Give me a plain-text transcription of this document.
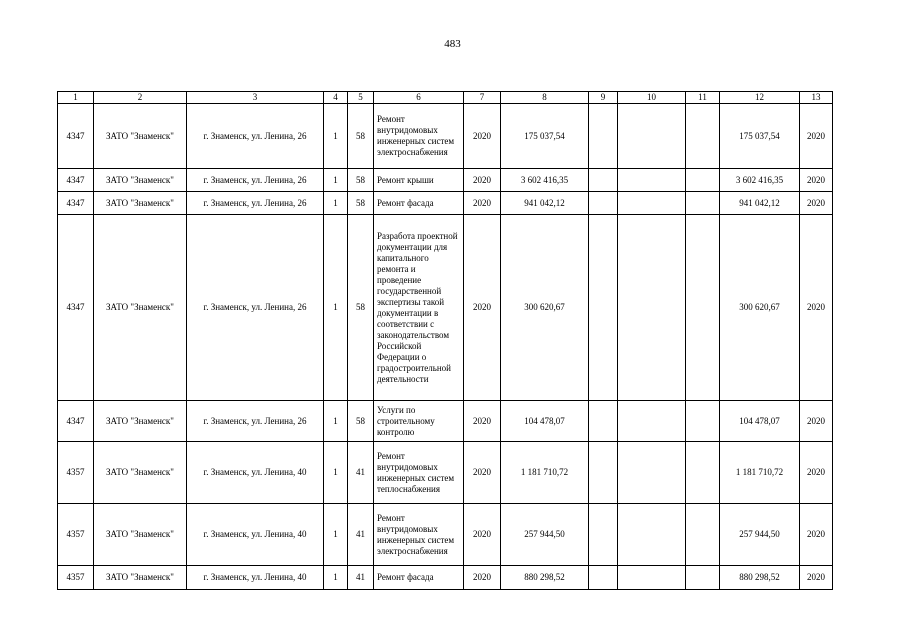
483
1	2	3	4	5	6	7	8	9	10	11	12	13
4347	ЗАТО "Знаменск"	г. Знаменск, ул. Ленина, 26	1	58	Ремонт внутридомовых инженерных систем электроснабжения	2020	175 037,54				175 037,54	2020
4347	ЗАТО "Знаменск"	г. Знаменск, ул. Ленина, 26	1	58	Ремонт крыши	2020	3 602 416,35				3 602 416,35	2020
4347	ЗАТО "Знаменск"	г. Знаменск, ул. Ленина, 26	1	58	Ремонт фасада	2020	941 042,12				941 042,12	2020
4347	ЗАТО "Знаменск"	г. Знаменск, ул. Ленина, 26	1	58	Разработа проектной документации для капитального ремонта и проведение государственной экспертизы такой документации в соответствии с законодательством Российской Федерации о градостроительной деятельности	2020	300 620,67				300 620,67	2020
4347	ЗАТО "Знаменск"	г. Знаменск, ул. Ленина, 26	1	58	Услуги по строительному контролю	2020	104 478,07				104 478,07	2020
4357	ЗАТО "Знаменск"	г. Знаменск, ул. Ленина, 40	1	41	Ремонт внутридомовых инженерных систем теплоснабжения	2020	1 181 710,72				1 181 710,72	2020
4357	ЗАТО "Знаменск"	г. Знаменск, ул. Ленина, 40	1	41	Ремонт внутридомовых инженерных систем электроснабжения	2020	257 944,50				257 944,50	2020
4357	ЗАТО "Знаменск"	г. Знаменск, ул. Ленина, 40	1	41	Ремонт фасада	2020	880 298,52				880 298,52	2020
